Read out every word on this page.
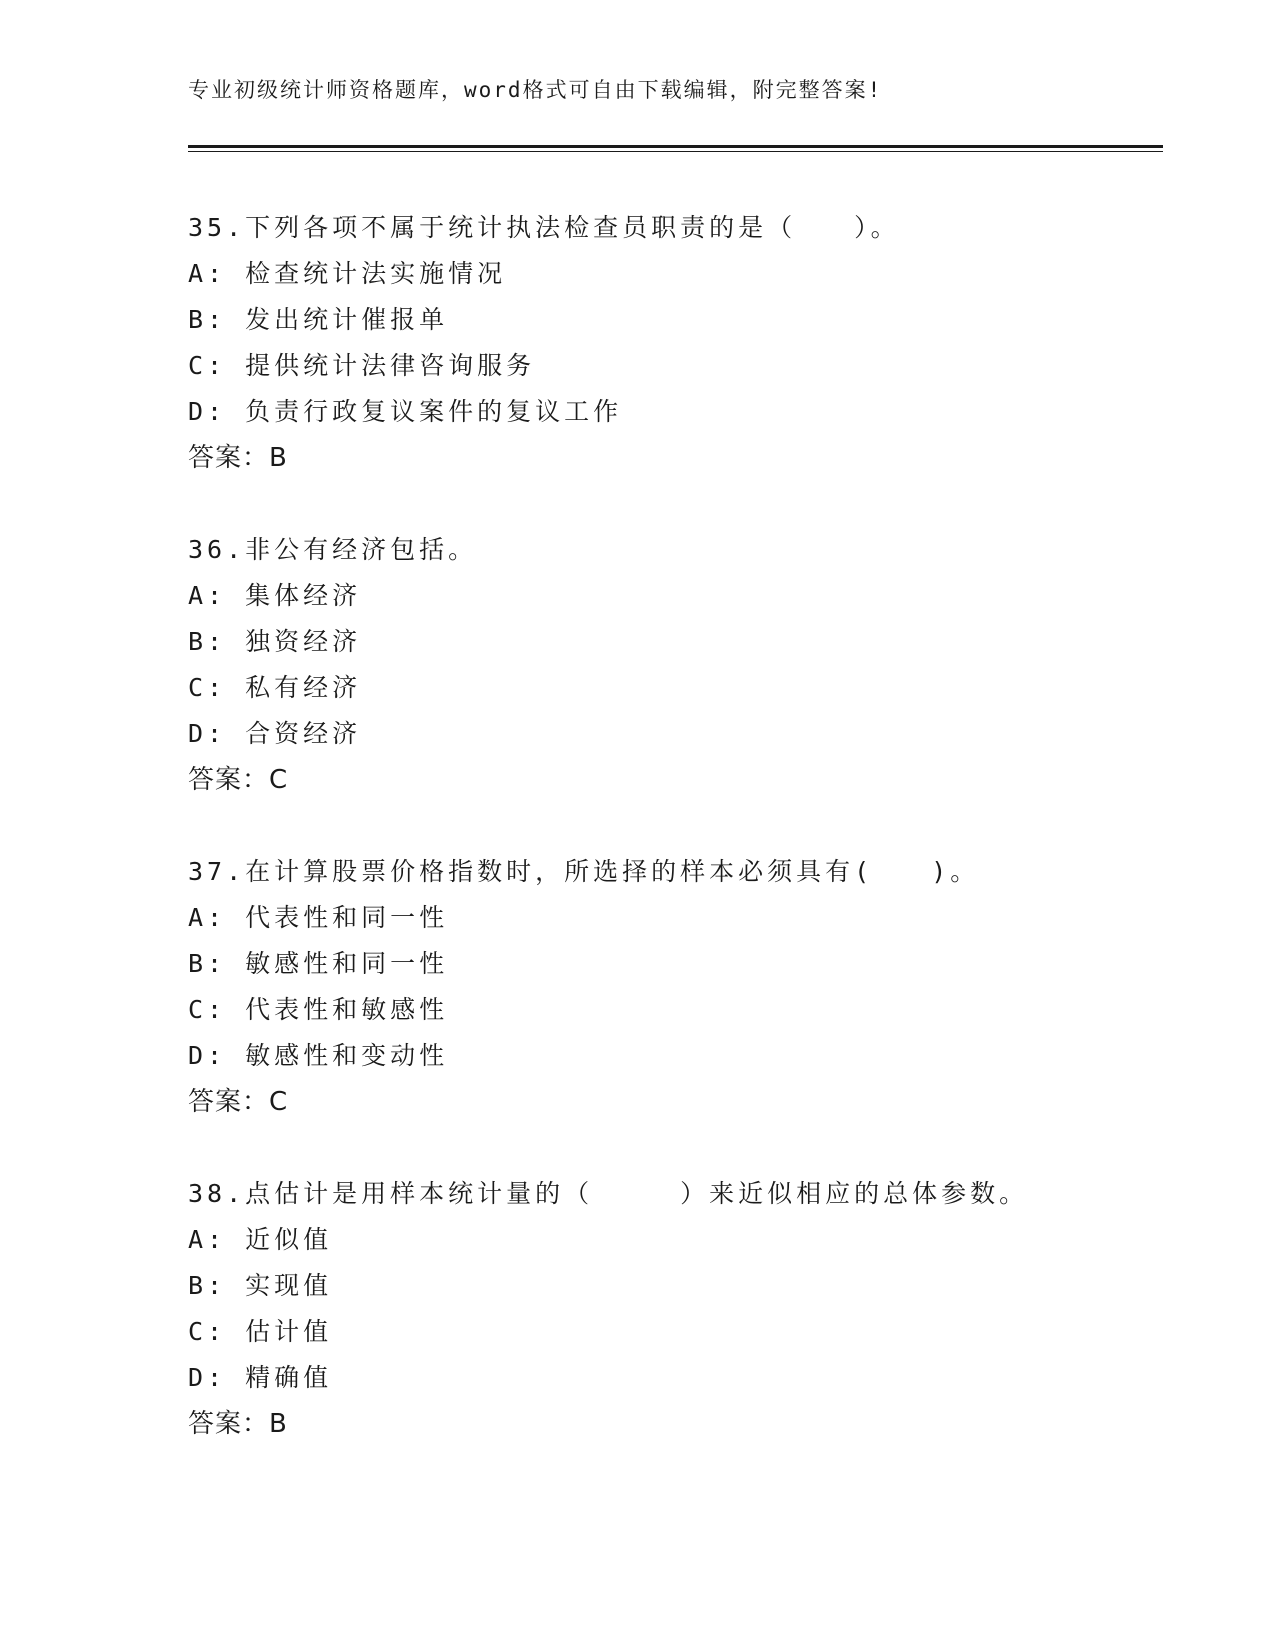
专业初级统计师资格题库，word格式可自由下载编辑，附完整答案!
35.下列各项不属于统计执法检查员职责的是（　　）。
A: 检查统计法实施情况
B: 发出统计催报单
C: 提供统计法律咨询服务
D: 负责行政复议案件的复议工作
答案：B
36.非公有经济包括。
A: 集体经济
B: 独资经济
C: 私有经济
D: 合资经济
答案：C
37.在计算股票价格指数时，所选择的样本必须具有(　　)。
A: 代表性和同一性
B: 敏感性和同一性
C: 代表性和敏感性
D: 敏感性和变动性
答案：C
38.点估计是用样本统计量的（　　　）来近似相应的总体参数。
A: 近似值
B: 实现值
C: 估计值
D: 精确值
答案：B
